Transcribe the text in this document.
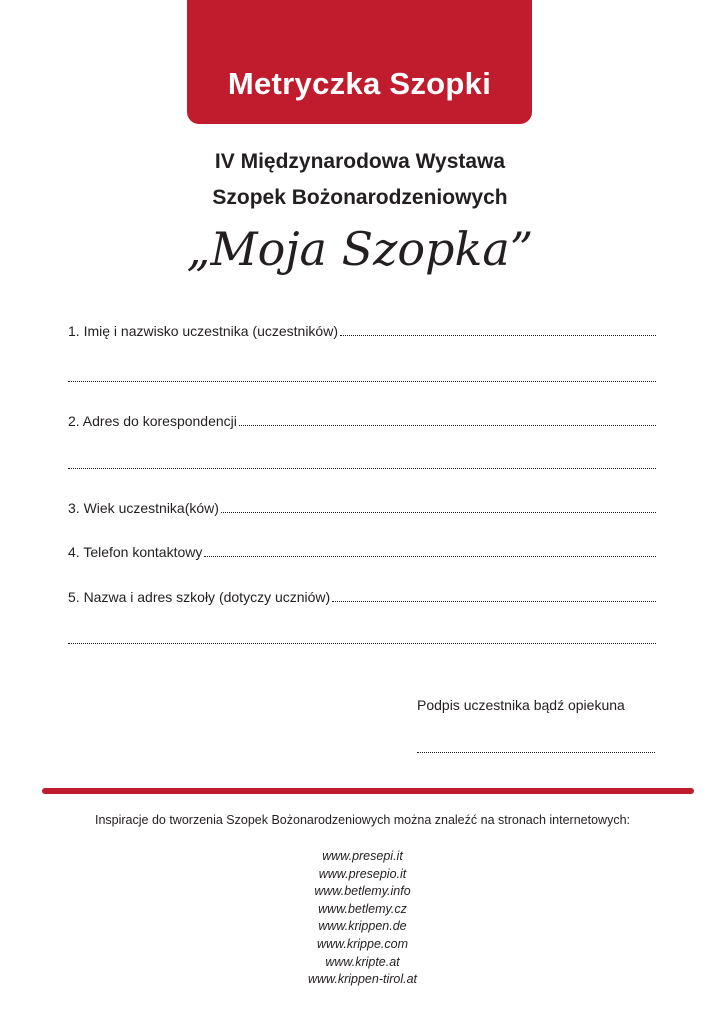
Metryczka Szopki
IV Międzynarodowa Wystawa
Szopek Bożonarodzeniowych
„Moja Szopka”
1. Imię i nazwisko uczestnika (uczestników)
2. Adres do korespondencji
3. Wiek uczestnika(ków)
4. Telefon kontaktowy
5. Nazwa i adres szkoły (dotyczy uczniów)
Podpis uczestnika bądź opiekuna
Inspiracje do tworzenia Szopek Bożonarodzeniowych można znaleźć na stronach internetowych:
www.presepi.it
www.presepio.it
www.betlemy.info
www.betlemy.cz
www.krippen.de
www.krippe.com
www.kripte.at
www.krippen-tirol.at
